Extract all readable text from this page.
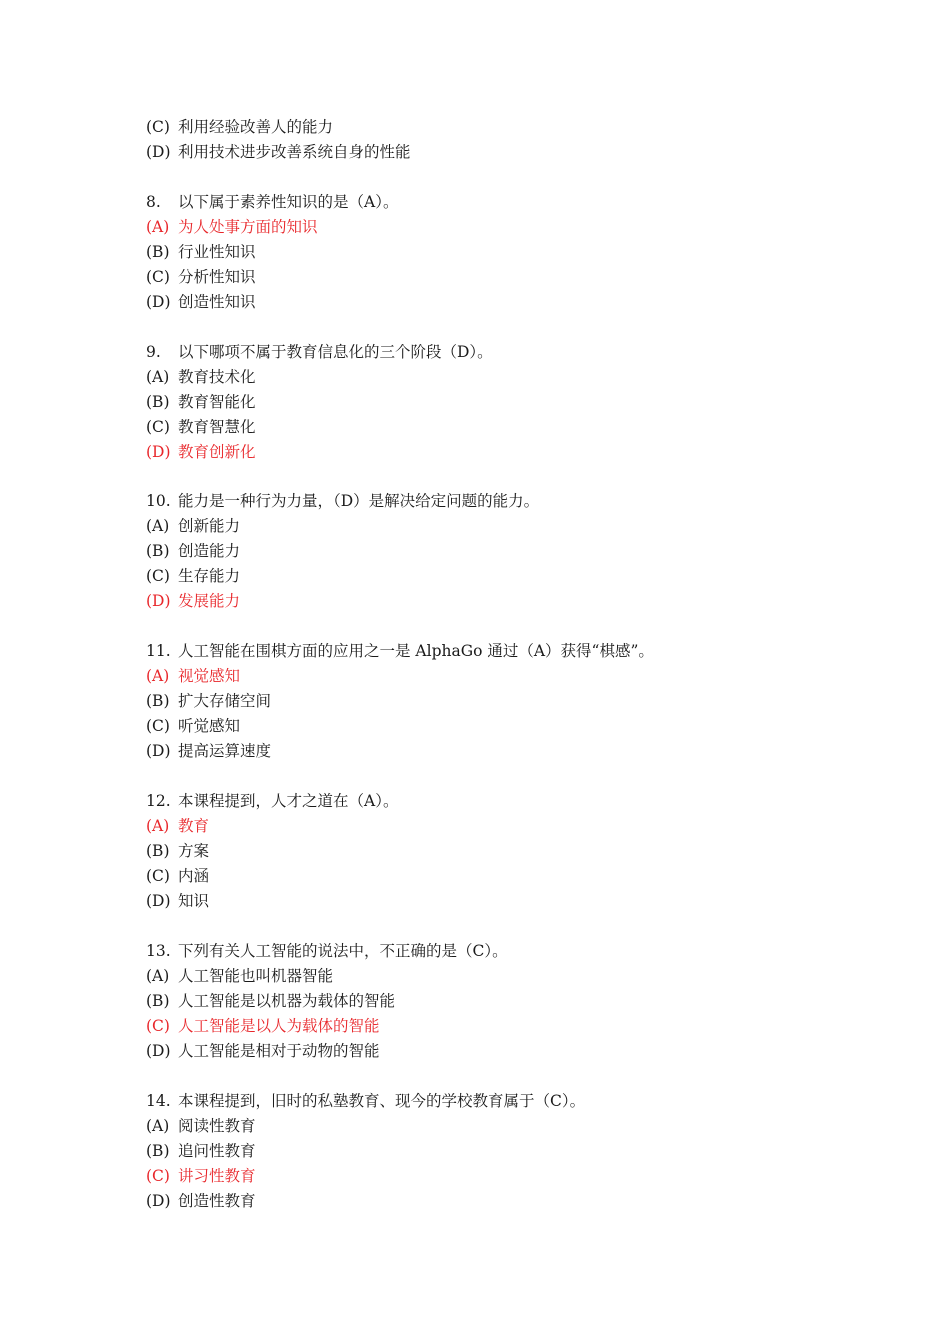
(C) 利用经验改善人的能力
(D) 利用技术进步改善系统自身的性能
8.	以下属于素养性知识的是（A）。
(A) 为人处事方面的知识
(B) 行业性知识
(C) 分析性知识
(D) 创造性知识
9.	以下哪项不属于教育信息化的三个阶段（D）。
(A) 教育技术化
(B) 教育智能化
(C) 教育智慧化
(D) 教育创新化
10. 能力是一种行为力量，（D）是解决给定问题的能力。
(A) 创新能力
(B) 创造能力
(C) 生存能力
(D) 发展能力
11. 人工智能在围棋方面的应用之一是 AlphaGo 通过（A）获得“棋感”。
(A) 视觉感知
(B) 扩大存储空间
(C) 听觉感知
(D) 提高运算速度
12. 本课程提到，人才之道在（A）。
(A) 教育
(B) 方案
(C) 内涵
(D) 知识
13. 下列有关人工智能的说法中，不正确的是（C）。
(A) 人工智能也叫机器智能
(B) 人工智能是以机器为载体的智能
(C) 人工智能是以人为载体的智能
(D) 人工智能是相对于动物的智能
14. 本课程提到，旧时的私塾教育、现今的学校教育属于（C）。
(A) 阅读性教育
(B) 追问性教育
(C) 讲习性教育
(D) 创造性教育
